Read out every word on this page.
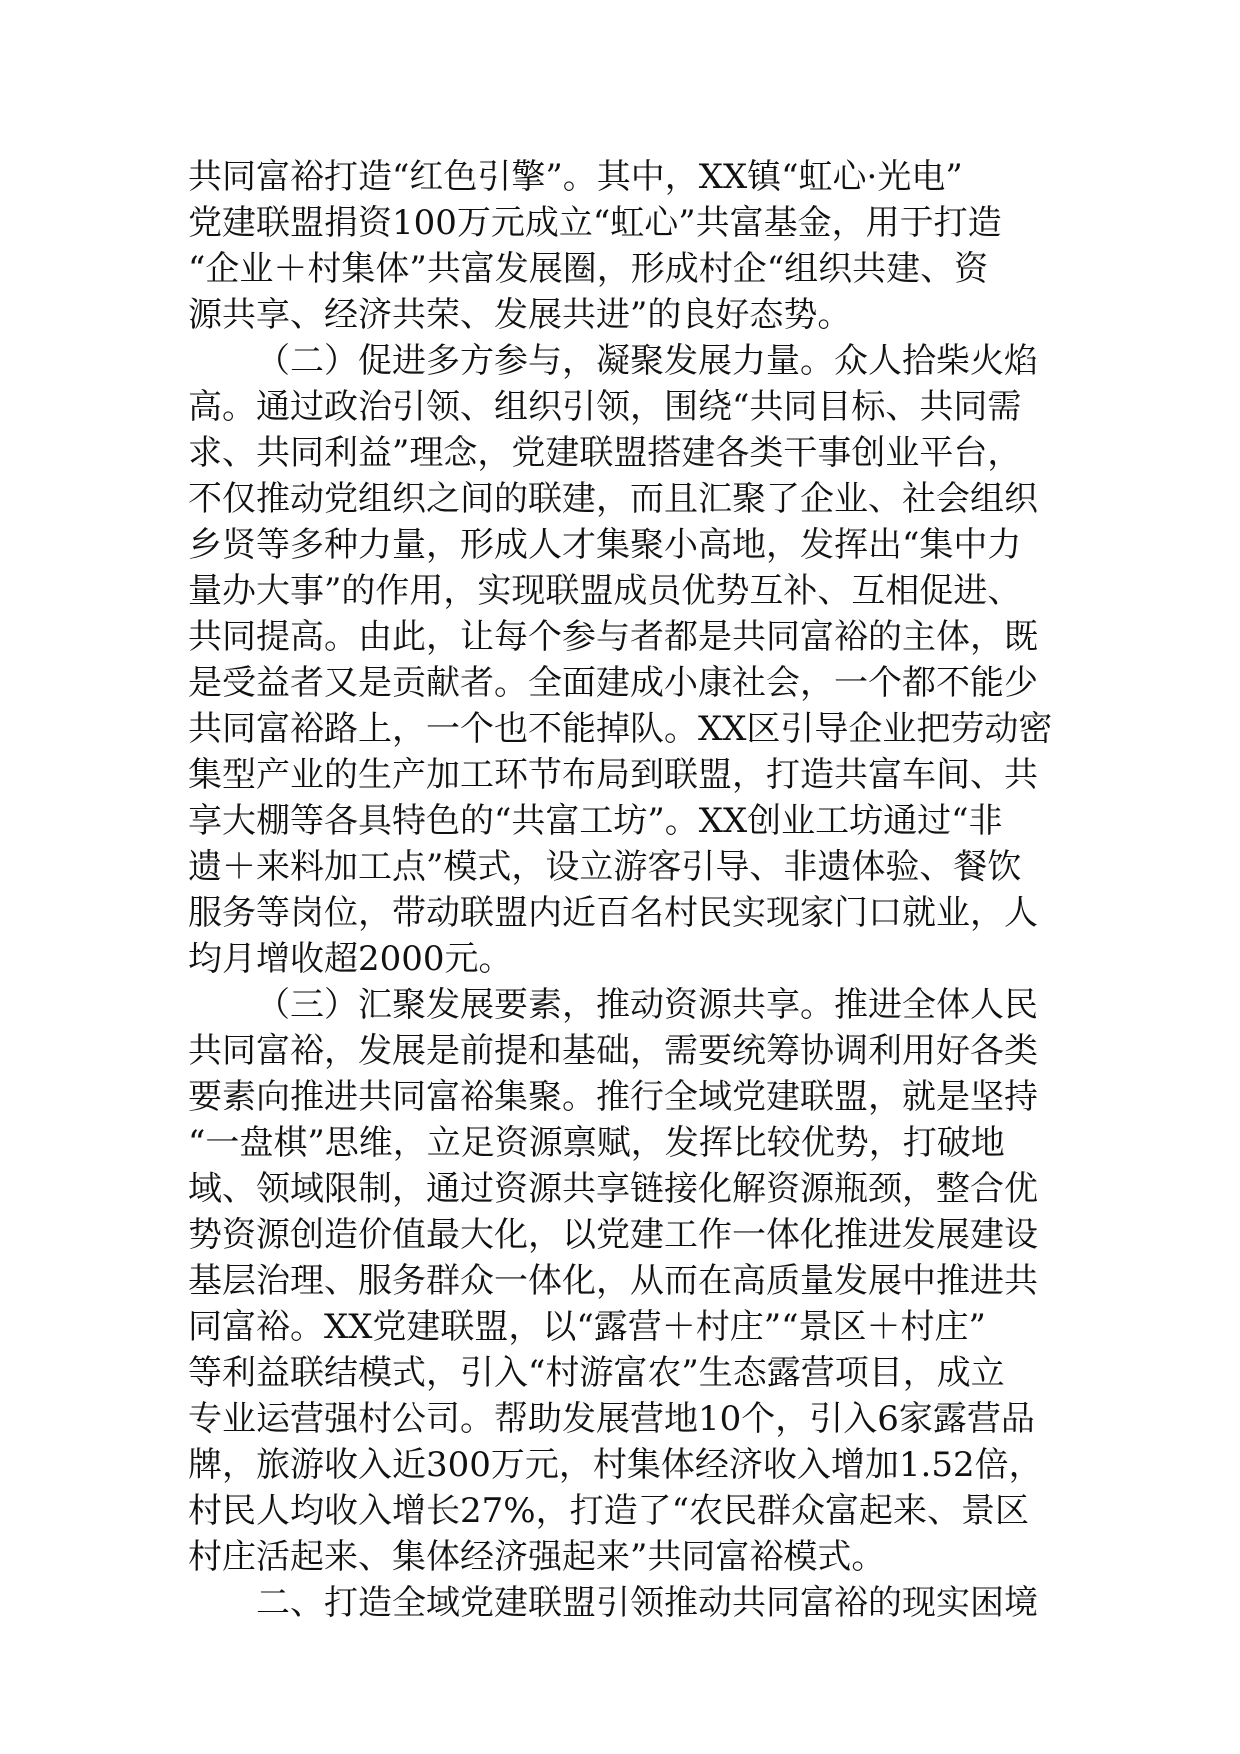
共同富裕打造“红色引擎”。其中，XX镇“虹心·光电”
党建联盟捐资100万元成立“虹心”共富基金，用于打造
“企业＋村集体”共富发展圈，形成村企“组织共建、资
源共享、经济共荣、发展共进”的良好态势。
（二）促进多方参与，凝聚发展力量。众人拾柴火焰
高。通过政治引领、组织引领，围绕“共同目标、共同需
求、共同利益”理念，党建联盟搭建各类干事创业平台，
不仅推动党组织之间的联建，而且汇聚了企业、社会组织
乡贤等多种力量，形成人才集聚小高地，发挥出“集中力
量办大事”的作用，实现联盟成员优势互补、互相促进、
共同提高。由此，让每个参与者都是共同富裕的主体，既
是受益者又是贡献者。全面建成小康社会，一个都不能少
共同富裕路上，一个也不能掉队。XX区引导企业把劳动密
集型产业的生产加工环节布局到联盟，打造共富车间、共
享大棚等各具特色的“共富工坊”。XX创业工坊通过“非
遗＋来料加工点”模式，设立游客引导、非遗体验、餐饮
服务等岗位，带动联盟内近百名村民实现家门口就业，人
均月增收超2000元。
（三）汇聚发展要素，推动资源共享。推进全体人民
共同富裕，发展是前提和基础，需要统筹协调利用好各类
要素向推进共同富裕集聚。推行全域党建联盟，就是坚持
“一盘棋”思维，立足资源禀赋，发挥比较优势，打破地
域、领域限制，通过资源共享链接化解资源瓶颈，整合优
势资源创造价值最大化，以党建工作一体化推进发展建设
基层治理、服务群众一体化，从而在高质量发展中推进共
同富裕。XX党建联盟，以“露营＋村庄”“景区＋村庄”
等利益联结模式，引入“村游富农”生态露营项目，成立
专业运营强村公司。帮助发展营地10个，引入6家露营品
牌，旅游收入近300万元，村集体经济收入增加1.52倍，
村民人均收入增长27%，打造了“农民群众富起来、景区
村庄活起来、集体经济强起来”共同富裕模式。
二、打造全域党建联盟引领推动共同富裕的现实困境
